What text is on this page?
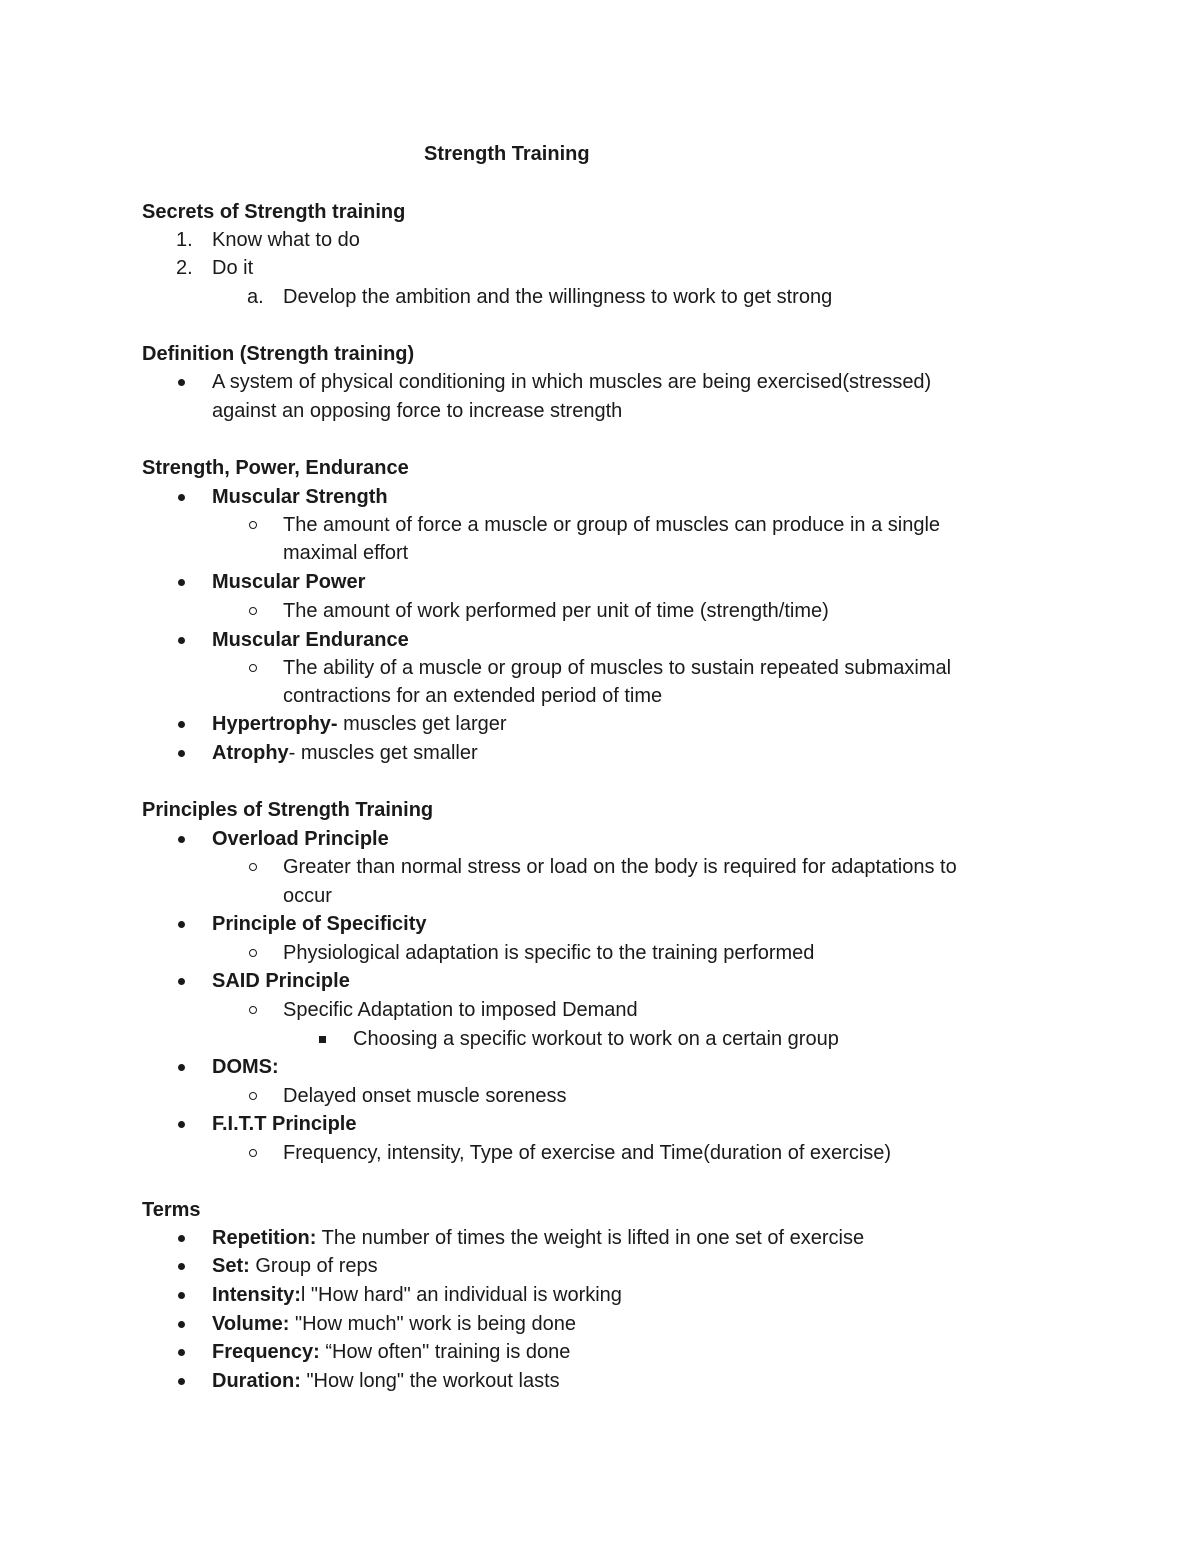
Strength Training
Secrets of Strength training
1. Know what to do
2. Do it
a. Develop the ambition and the willingness to work to get strong
Definition (Strength training)
A system of physical conditioning in which muscles are being exercised(stressed)
against an opposing force to increase strength
Strength, Power, Endurance
Muscular Strength
The amount of force a muscle or group of muscles can produce in a single
maximal effort
Muscular Power
The amount of work performed per unit of time (strength/time)
Muscular Endurance
The ability of a muscle or group of muscles to sustain repeated submaximal
contractions for an extended period of time
Hypertrophy- muscles get larger
Atrophy- muscles get smaller
Principles of Strength Training
Overload Principle
Greater than normal stress or load on the body is required for adaptations to
occur
Principle of Specificity
Physiological adaptation is specific to the training performed
SAID Principle
Specific Adaptation to imposed Demand
Choosing a specific workout to work on a certain group
DOMS:
Delayed onset muscle soreness
F.I.T.T Principle
Frequency, intensity, Type of exercise and Time(duration of exercise)
Terms
Repetition: The number of times the weight is lifted in one set of exercise
Set: Group of reps
Intensity:l "How hard" an individual is working
Volume: "How much" work is being done
Frequency: “How often" training is done
Duration: "How long" the workout lasts
